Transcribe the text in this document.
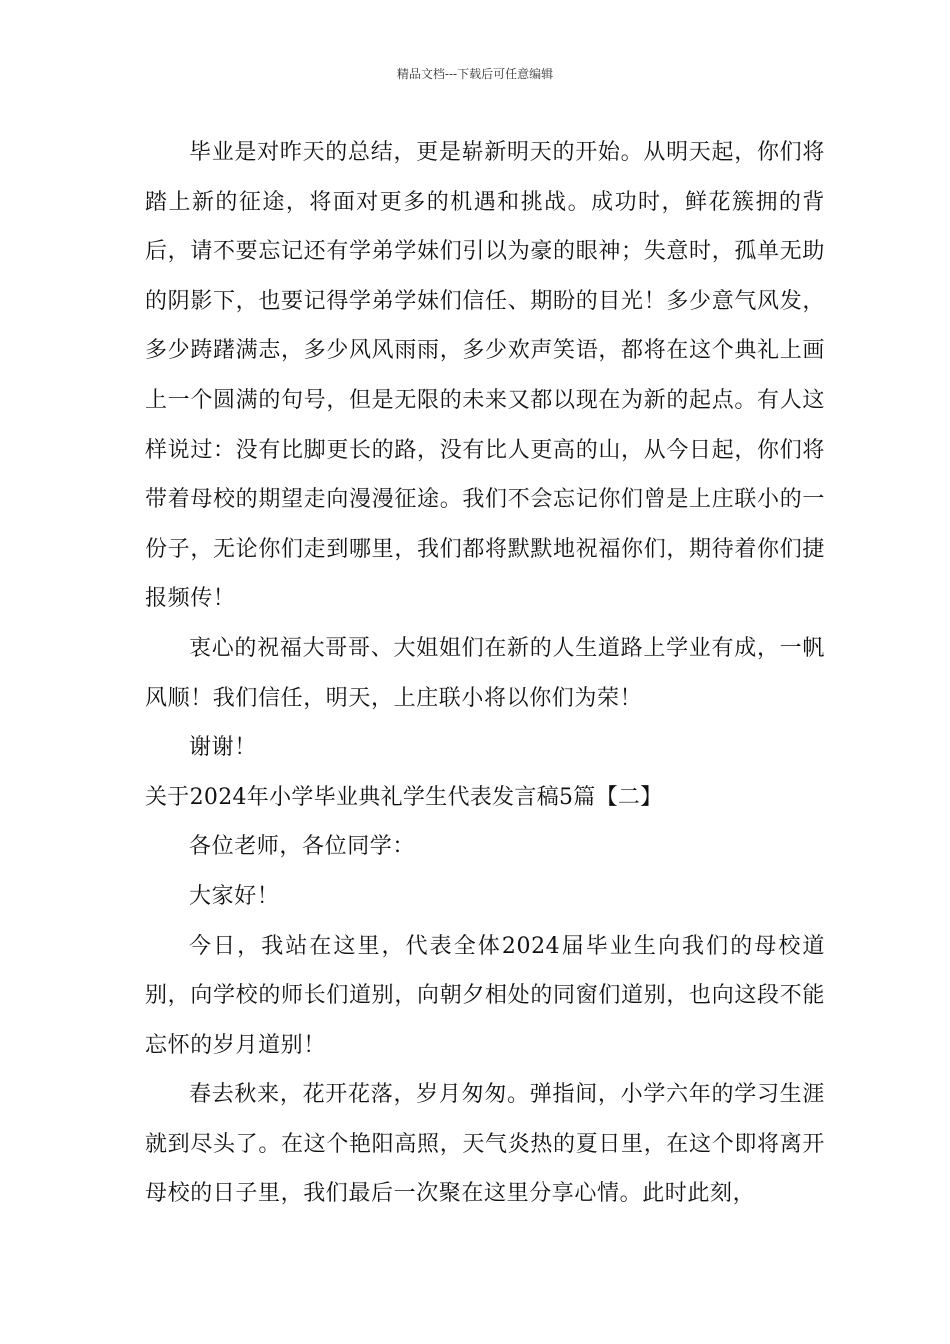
精品文档---下载后可任意编辑

毕业是对昨天的总结，更是崭新明天的开始。从明天起，你们将踏上新的征途，将面对更多的机遇和挑战。成功时，鲜花簇拥的背后，请不要忘记还有学弟学妹们引以为豪的眼神；失意时，孤单无助的阴影下，也要记得学弟学妹们信任、期盼的目光！多少意气风发，多少踌躇满志，多少风风雨雨，多少欢声笑语，都将在这个典礼上画上一个圆满的句号，但是无限的未来又都以现在为新的起点。有人这样说过：没有比脚更长的路，没有比人更高的山，从今日起，你们将带着母校的期望走向漫漫征途。我们不会忘记你们曾是上庄联小的一份子，无论你们走到哪里，我们都将默默地祝福你们，期待着你们捷报频传！

衷心的祝福大哥哥、大姐姐们在新的人生道路上学业有成，一帆风顺！我们信任，明天，上庄联小将以你们为荣！

谢谢！

关于2024年小学毕业典礼学生代表发言稿5篇【二】

各位老师，各位同学：

大家好！

今日，我站在这里，代表全体2024届毕业生向我们的母校道别，向学校的师长们道别，向朝夕相处的同窗们道别，也向这段不能忘怀的岁月道别！

春去秋来，花开花落，岁月匆匆。弹指间，小学六年的学习生涯就到尽头了。在这个艳阳高照，天气炎热的夏日里，在这个即将离开母校的日子里，我们最后一次聚在这里分享心情。此时此刻，
